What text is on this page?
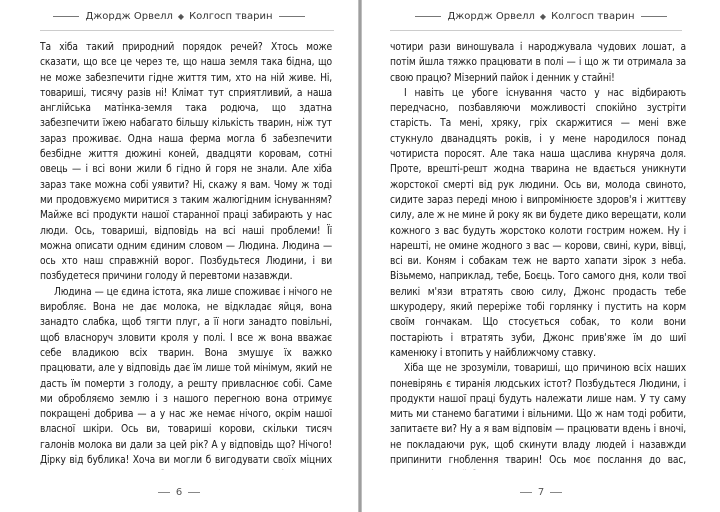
Джордж Орвелл ◆ Колгосп тварин

Та хіба такий природний порядок речей? Хтось може сказати, що все це через те, що наша земля така бідна, що не може забезпечити гідне життя тим, хто на ній живе. Ні, товариші, тисячу разів ні! Клімат тут сприятливий, а наша англійська матінка-земля така родюча, що здатна забезпечити їжею набагато більшу кількість тварин, ніж тут зараз проживає. Одна наша ферма могла б забезпечити безбідне життя дюжині коней, двадцяти коровам, сотні овець — і всі вони жили б гідно й горя не знали. Але хіба зараз таке можна собі уявити? Ні, скажу я вам. Чому ж тоді ми продовжуємо миритися з таким жалюгідним існуванням? Майже всі продукти нашої старанної праці забирають у нас люди. Ось, товариші, відповідь на всі наші проблеми! Її можна описати одним єдиним словом — Людина. Людина — ось хто наш справжній ворог. Позбудьтеся Людини, і ви позбудетеся причини голоду й перевтоми назавжди.

Людина — це єдина істота, яка лише споживає і нічого не виробляє. Вона не дає молока, не відкладає яйця, вона занадто слабка, щоб тягти плуг, а її ноги занадто повільні, щоб власноруч зловити кроля у полі. І все ж вона вважає себе владикою всіх тварин. Вона змушує їх важко працювати, але у відповідь дає їм лише той мінімум, який не дасть їм померти з голоду, а решту привласнює собі. Саме ми обробляємо землю і з нашого перегною вона отримує покращені добрива — а у нас же немає нічого, окрім нашої власної шкіри. Ось ви, товариші корови, скільки тисяч галонів молока ви дали за цей рік? А у відповідь що? Нічого! Дірку від бублика! Хоча ви могли б вигодувати своїх міцних

6
Джордж Орвелл ◆ Колгосп тварин

чотири рази виношувала і народжувала чудових лошат, а потім йшла тяжко працювати в полі — і що ж ти отримала за свою працю? Мізерний пайок і денник у стайні!

І навіть це убоге існування часто у нас відбирають передчасно, позбавляючи можливості спокійно зустріти старість. Та мені, хряку, гріх скаржитися — мені вже стукнуло дванадцять років, і у мене народилося понад чотириста поросят. Але така наша щаслива кнуряча доля. Проте, врешті-решт жодна тварина не вдається уникнути жорстокої смерті від рук людини. Ось ви, молода свиното, сидите зараз переді мною і випромінюєте здоров'я і життєву силу, але ж не мине й року як ви будете дико верещати, коли кожного з вас будуть жорстоко колоти гострим ножем. Ну і нарешті, не омине жодного з вас — корови, свині, кури, вівці, всі ви. Коням і собакам теж не варто хапати зірок з неба. Візьмемо, наприклад, тебе, Боєць. Того самого дня, коли твої великі м'язи втратять свою силу, Джонс продасть тебе шкуродеру, який переріже тобі горлянку і пустить на корм своїм гончакам. Що стосується собак, то коли вони постаріють і втратять зуби, Джонс прив'яже їм до шиї каменюку і втопить у найближчому ставку.

Хіба ще не зрозуміли, товариші, що причиною всіх наших поневірянь є тиранія людських істот? Позбудьтеся Людини, і продукти нашої праці будуть належати лише нам. У ту саму мить ми станемо багатими і вільними. Що ж нам тоді робити, запитаєте ви? Ну а я вам відповім — працювати вдень і вночі, не покладаючи рук, щоб скинути владу людей і назавжди припинити гноблення тварин! Ось моє послання до вас,

7
